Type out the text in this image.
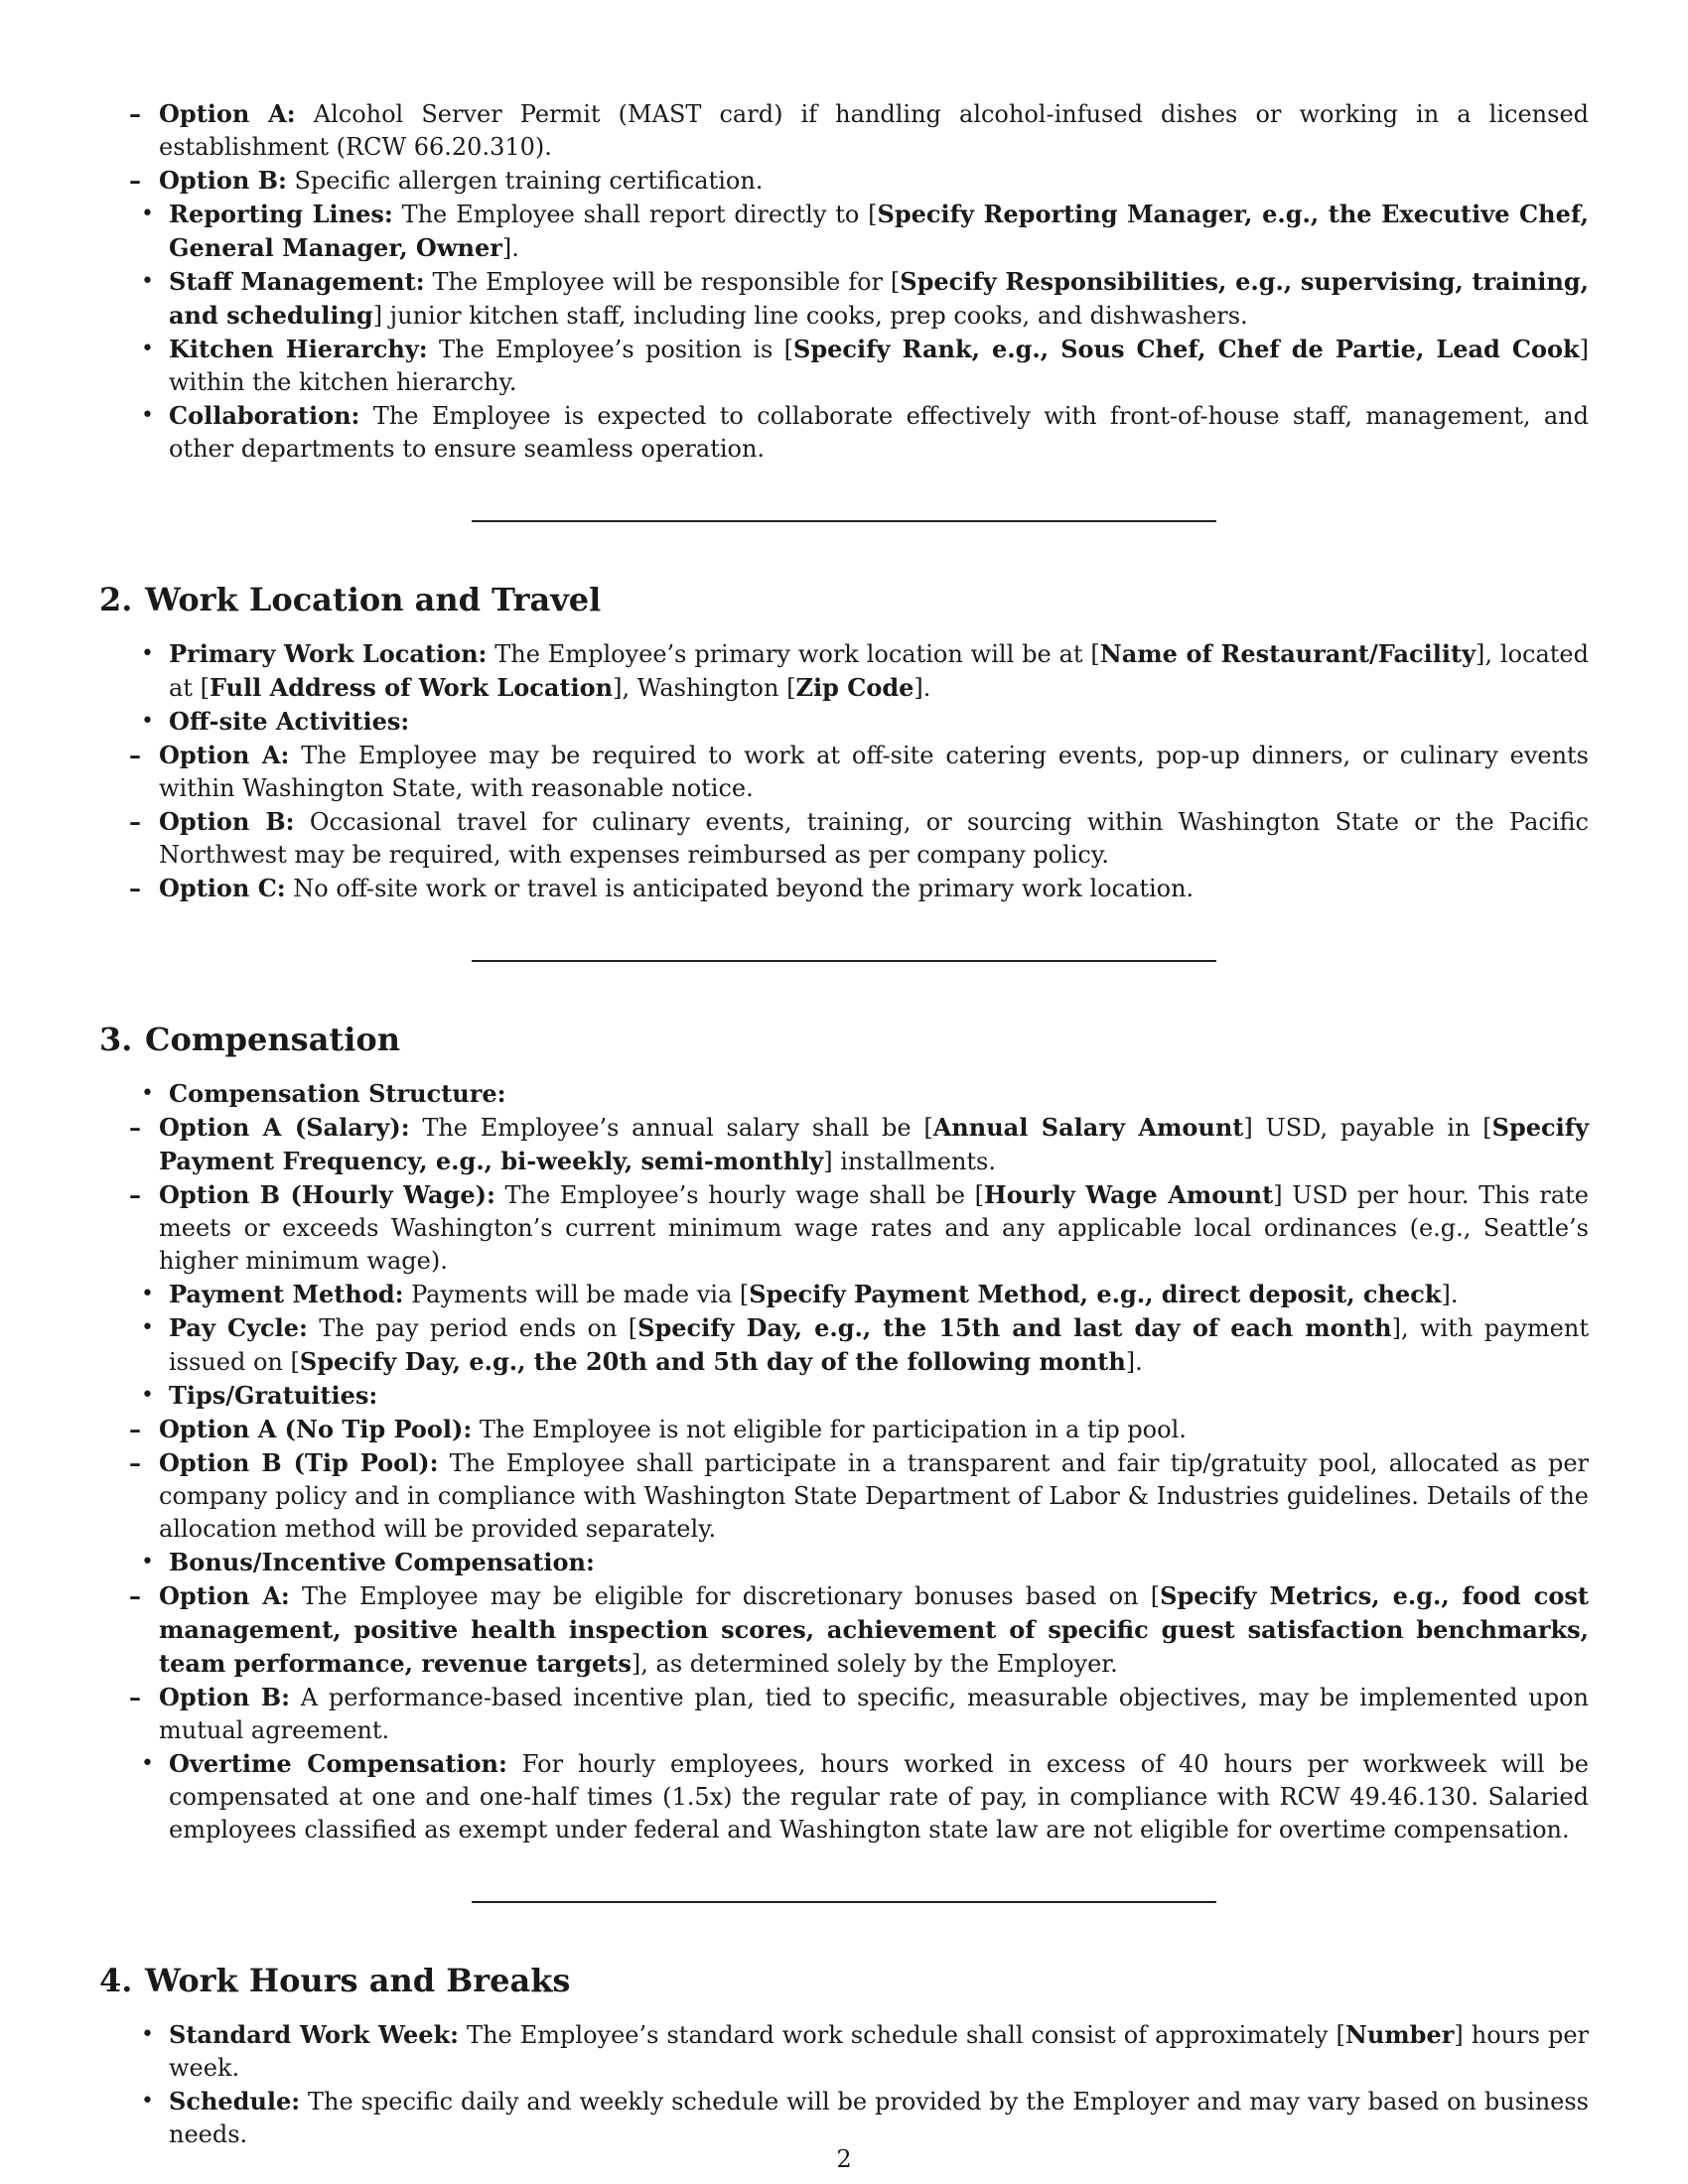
– Option A: Alcohol Server Permit (MAST card) if handling alcohol-infused dishes or working in a licensed establishment (RCW 66.20.310).
– Option B: Specific allergen training certification.
• Reporting Lines: The Employee shall report directly to [Specify Reporting Manager, e.g., the Executive Chef, General Manager, Owner].
• Staff Management: The Employee will be responsible for [Specify Responsibilities, e.g., supervising, training, and scheduling] junior kitchen staff, including line cooks, prep cooks, and dishwashers.
• Kitchen Hierarchy: The Employee’s position is [Specify Rank, e.g., Sous Chef, Chef de Partie, Lead Cook] within the kitchen hierarchy.
• Collaboration: The Employee is expected to collaborate effectively with front-of-house staff, management, and other departments to ensure seamless operation.
2. Work Location and Travel
• Primary Work Location: The Employee’s primary work location will be at [Name of Restaurant/Facility], located at [Full Address of Work Location], Washington [Zip Code].
• Off-site Activities:
– Option A: The Employee may be required to work at off-site catering events, pop-up dinners, or culinary events within Washington State, with reasonable notice.
– Option B: Occasional travel for culinary events, training, or sourcing within Washington State or the Pacific Northwest may be required, with expenses reimbursed as per company policy.
– Option C: No off-site work or travel is anticipated beyond the primary work location.
3. Compensation
• Compensation Structure:
– Option A (Salary): The Employee’s annual salary shall be [Annual Salary Amount] USD, payable in [Specify Payment Frequency, e.g., bi-weekly, semi-monthly] installments.
– Option B (Hourly Wage): The Employee’s hourly wage shall be [Hourly Wage Amount] USD per hour. This rate meets or exceeds Washington’s current minimum wage rates and any applicable local ordinances (e.g., Seattle’s higher minimum wage).
• Payment Method: Payments will be made via [Specify Payment Method, e.g., direct deposit, check].
• Pay Cycle: The pay period ends on [Specify Day, e.g., the 15th and last day of each month], with payment issued on [Specify Day, e.g., the 20th and 5th day of the following month].
• Tips/Gratuities:
– Option A (No Tip Pool): The Employee is not eligible for participation in a tip pool.
– Option B (Tip Pool): The Employee shall participate in a transparent and fair tip/gratuity pool, allocated as per company policy and in compliance with Washington State Department of Labor & Industries guidelines. Details of the allocation method will be provided separately.
• Bonus/Incentive Compensation:
– Option A: The Employee may be eligible for discretionary bonuses based on [Specify Metrics, e.g., food cost management, positive health inspection scores, achievement of specific guest satisfaction benchmarks, team performance, revenue targets], as determined solely by the Employer.
– Option B: A performance-based incentive plan, tied to specific, measurable objectives, may be implemented upon mutual agreement.
• Overtime Compensation: For hourly employees, hours worked in excess of 40 hours per workweek will be compensated at one and one-half times (1.5x) the regular rate of pay, in compliance with RCW 49.46.130. Salaried employees classified as exempt under federal and Washington state law are not eligible for overtime compensation.
4. Work Hours and Breaks
• Standard Work Week: The Employee’s standard work schedule shall consist of approximately [Number] hours per week.
• Schedule: The specific daily and weekly schedule will be provided by the Employer and may vary based on business needs.
2
